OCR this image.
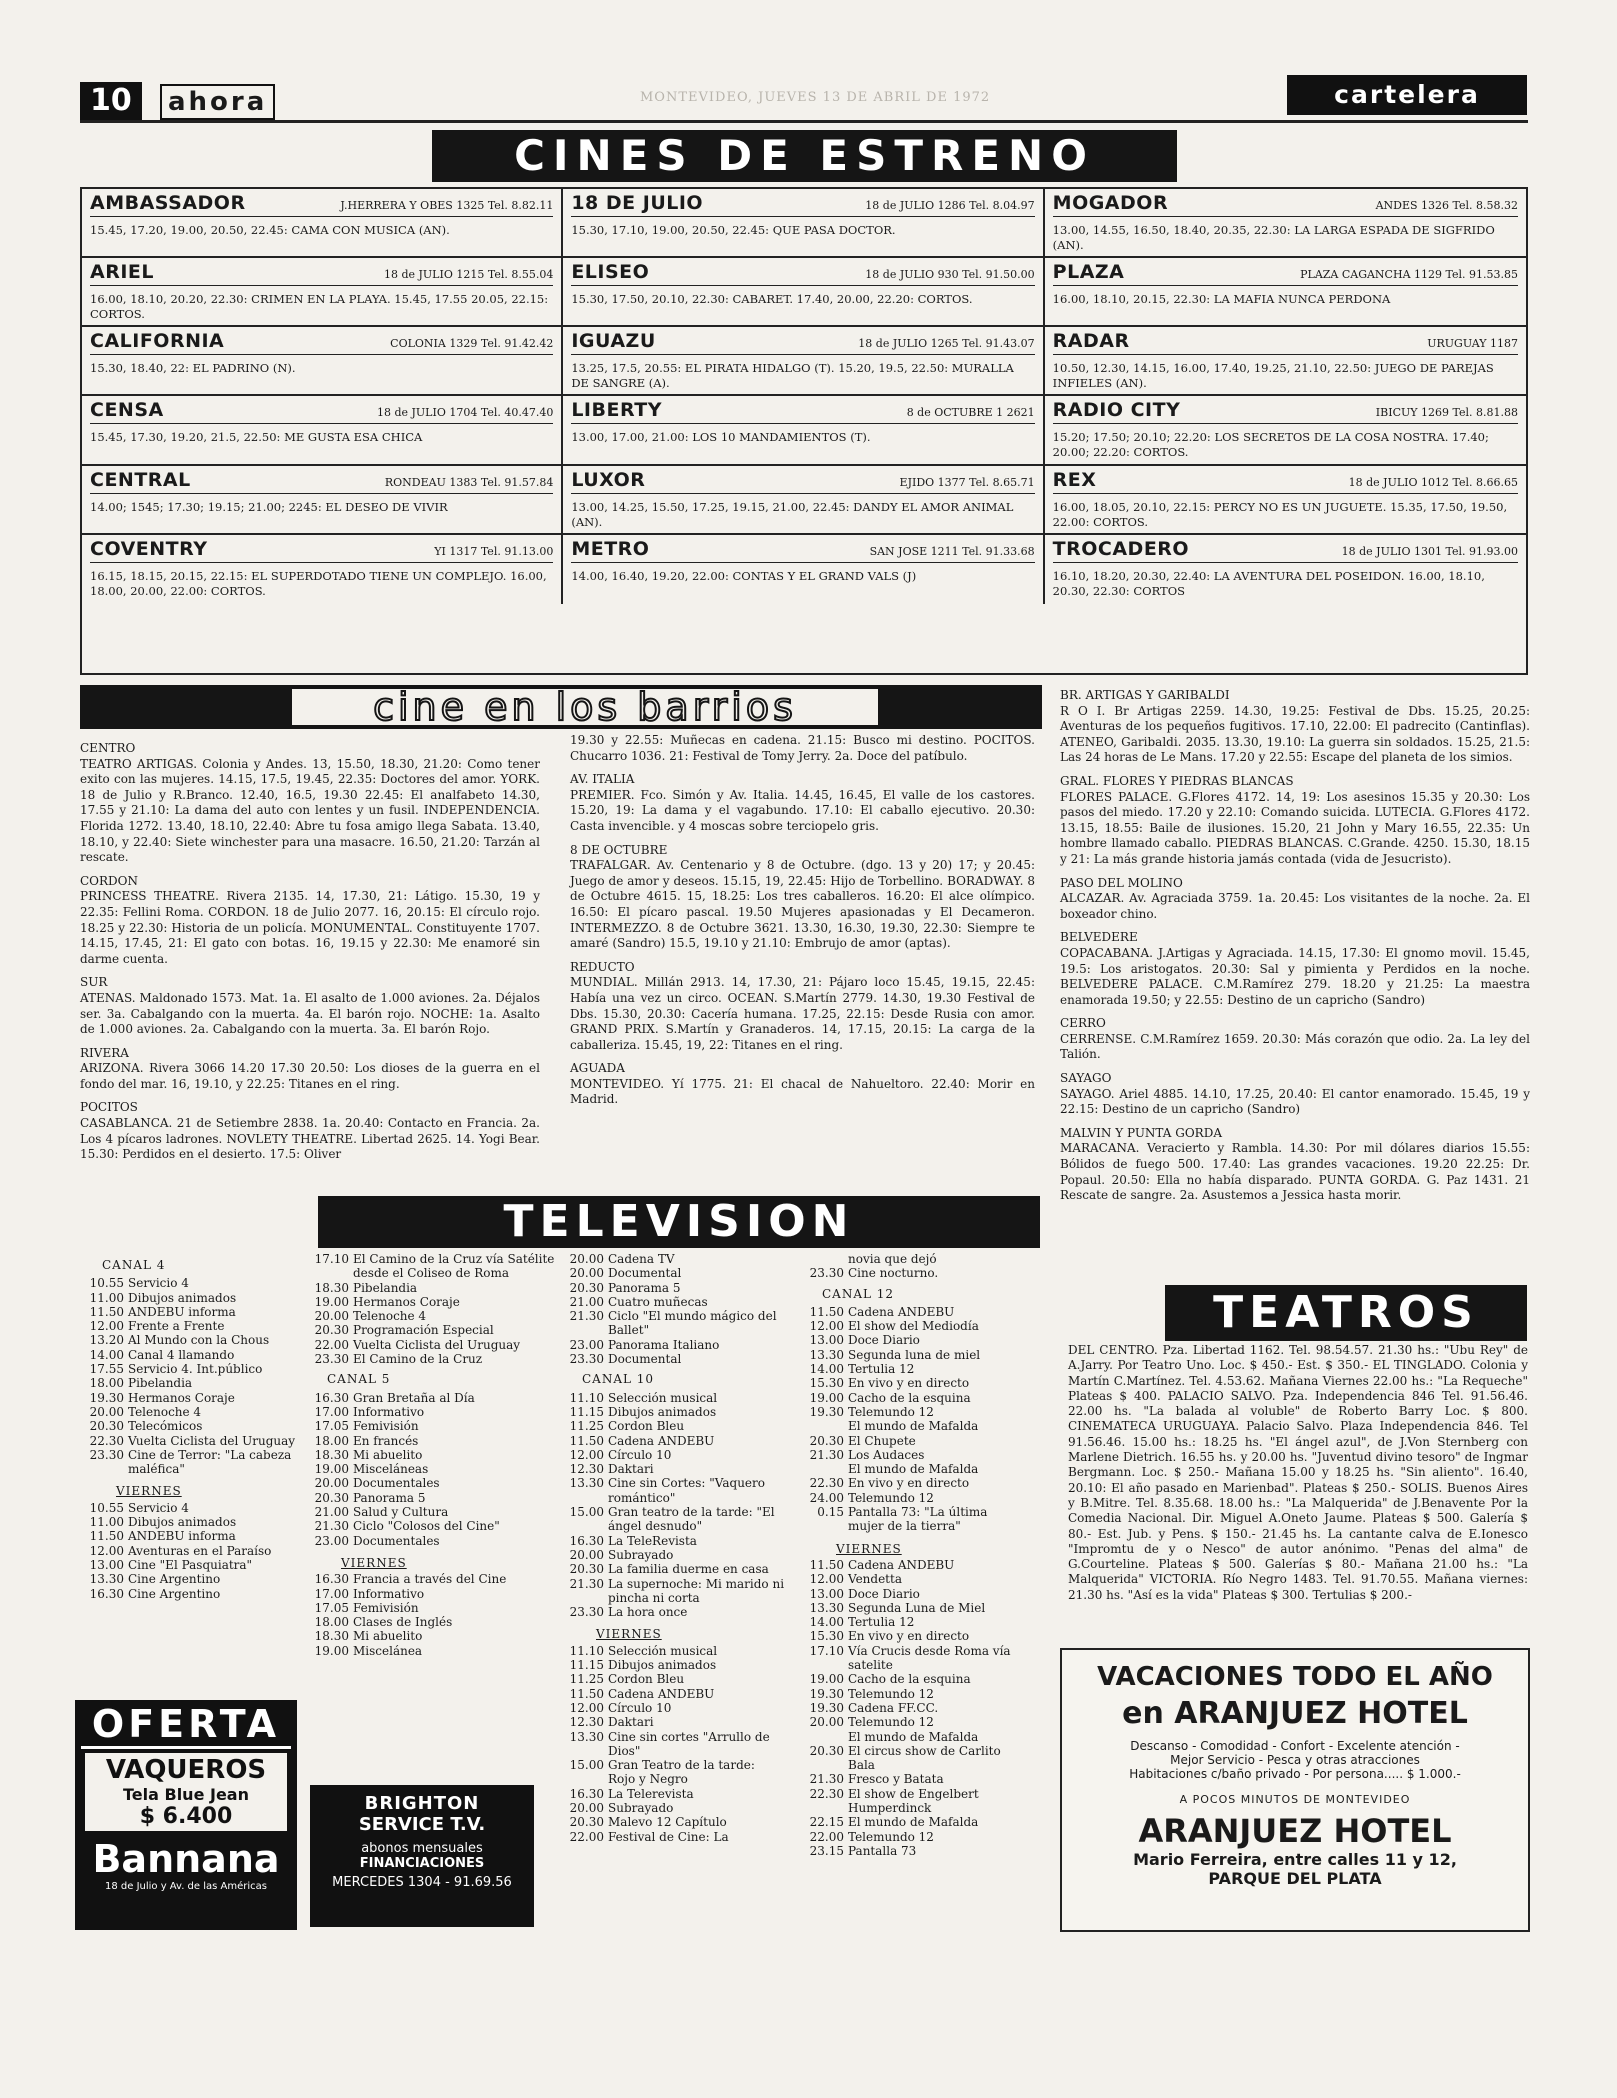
10	ahora	MONTEVIDEO, JUEVES 13 DE ABRIL DE 1972	cartelera
CINES DE ESTRENO
AMBASSADOR	J.HERRERA Y OBES 1325 Tel. 8.82.11
15.45, 17.20, 19.00, 20.50, 22.45: CAMA CON MUSICA (AN).
18 DE JULIO	18 de JULIO 1286 Tel. 8.04.97
15.30, 17.10, 19.00, 20.50, 22.45: QUE PASA DOCTOR.
MOGADOR	ANDES 1326 Tel. 8.58.32
13.00, 14.55, 16.50, 18.40, 20.35, 22.30: LA LARGA ESPADA DE SIGFRIDO (AN).
ARIEL	18 de JULIO 1215 Tel. 8.55.04
16.00, 18.10, 20.20, 22.30: CRIMEN EN LA PLAYA. 15.45, 17.55 20.05, 22.15: CORTOS.
ELISEO	18 de JULIO 930 Tel. 91.50.00
15.30, 17.50, 20.10, 22.30: CABARET. 17.40, 20.00, 22.20: CORTOS.
PLAZA	PLAZA CAGANCHA 1129 Tel. 91.53.85
16.00, 18.10, 20.15, 22.30: LA MAFIA NUNCA PERDONA
CALIFORNIA	COLONIA 1329 Tel. 91.42.42
15.30, 18.40, 22: EL PADRINO (N).
IGUAZU	18 de JULIO 1265 Tel. 91.43.07
13.25, 17.5, 20.55: EL PIRATA HIDALGO (T). 15.20, 19.5, 22.50: MURALLA DE SANGRE (A).
RADAR	URUGUAY 1187
10.50, 12.30, 14.15, 16.00, 17.40, 19.25, 21.10, 22.50: JUEGO DE PAREJAS INFIELES (AN).
CENSA	18 de JULIO 1704 Tel. 40.47.40
15.45, 17.30, 19.20, 21.5, 22.50: ME GUSTA ESA CHICA
LIBERTY	8 de OCTUBRE 1 2621
13.00, 17.00, 21.00: LOS 10 MANDAMIENTOS (T).
RADIO CITY	IBICUY 1269 Tel. 8.81.88
15.20; 17.50; 20.10; 22.20: LOS SECRETOS DE LA COSA NOSTRA. 17.40; 20.00; 22.20: CORTOS.
CENTRAL	RONDEAU 1383 Tel. 91.57.84
14.00; 1545; 17.30; 19.15; 21.00; 2245: EL DESEO DE VIVIR
LUXOR	EJIDO 1377 Tel. 8.65.71
13.00, 14.25, 15.50, 17.25, 19.15, 21.00, 22.45: DANDY EL AMOR ANIMAL (AN).
REX	18 de JULIO 1012 Tel. 8.66.65
16.00, 18.05, 20.10, 22.15: PERCY NO ES UN JUGUETE. 15.35, 17.50, 19.50, 22.00: CORTOS.
COVENTRY	YI 1317 Tel. 91.13.00
16.15, 18.15, 20.15, 22.15: EL SUPERDOTADO TIENE UN COMPLEJO. 16.00, 18.00, 20.00, 22.00: CORTOS.
METRO	SAN JOSE 1211 Tel. 91.33.68
14.00, 16.40, 19.20, 22.00: CONTAS Y EL GRAND VALS (J)
TROCADERO	18 de JULIO 1301 Tel. 91.93.00
16.10, 18.20, 20.30, 22.40: LA AVENTURA DEL POSEIDON. 16.00, 18.10, 20.30, 22.30: CORTOS
cine en los barrios
CENTRO

TEATRO ARTIGAS. Colonia y Andes. 13, 15.50, 18.30, 21.20: Como tener exito con las mujeres. 14.15, 17.5, 19.45, 22.35: Doctores del amor. YORK. 18 de Julio y R.Branco. 12.40, 16.5, 19.30 22.45: El analfabeto 14.30, 17.55 y 21.10: La dama del auto con lentes y un fusil. INDEPENDENCIA. Florida 1272. 13.40, 18.10, 22.40: Abre tu fosa amigo llega Sabata. 13.40, 18.10, y 22.40: Siete winchester para una masacre. 16.50, 21.20: Tarzán al rescate.

CORDON

PRINCESS THEATRE. Rivera 2135. 14, 17.30, 21: Látigo. 15.30, 19 y 22.35: Fellini Roma. CORDON. 18 de Julio 2077. 16, 20.15: El círculo rojo. 18.25 y 22.30: Historia de un policía. MONUMENTAL. Constituyente 1707. 14.15, 17.45, 21: El gato con botas. 16, 19.15 y 22.30: Me enamoré sin darme cuenta.

SUR

ATENAS. Maldonado 1573. Mat. 1a. El asalto de 1.000 aviones. 2a. Déjalos ser. 3a. Cabalgando con la muerta. 4a. El barón rojo. NOCHE: 1a. Asalto de 1.000 aviones. 2a. Cabalgando con la muerta. 3a. El barón Rojo.

RIVERA

ARIZONA. Rivera 3066 14.20 17.30 20.50: Los dioses de la guerra en el fondo del mar. 16, 19.10, y 22.25: Titanes en el ring.

POCITOS

CASABLANCA. 21 de Setiembre 2838. 1a. 20.40: Contacto en Francia. 2a. Los 4 pícaros ladrones. NOVLETY THEATRE. Libertad 2625. 14. Yogi Bear. 15.30: Perdidos en el desierto. 17.5: Oliver

19.30 y 22.55: Muñecas en cadena. 21.15: Busco mi destino. POCITOS. Chucarro 1036. 21: Festival de Tomy Jerry. 2a. Doce del patíbulo.

AV. ITALIA

PREMIER. Fco. Simón y Av. Italia. 14.45, 16.45, El valle de los castores. 15.20, 19: La dama y el vagabundo. 17.10: El caballo ejecutivo. 20.30: Casta invencible. y 4 moscas sobre terciopelo gris.

8 DE OCTUBRE

TRAFALGAR. Av. Centenario y 8 de Octubre. (dgo. 13 y 20) 17; y 20.45: Juego de amor y deseos. 15.15, 19, 22.45: Hijo de Torbellino. BORADWAY. 8 de Octubre 4615. 15, 18.25: Los tres caballeros. 16.20: El alce olímpico. 16.50: El pícaro pascal. 19.50 Mujeres apasionadas y El Decameron. INTERMEZZO. 8 de Octubre 3621. 13.30, 16.30, 19.30, 22.30: Siempre te amaré (Sandro) 15.5, 19.10 y 21.10: Embrujo de amor (aptas).

REDUCTO

MUNDIAL. Millán 2913. 14, 17.30, 21: Pájaro loco 15.45, 19.15, 22.45: Había una vez un circo. OCEAN. S.Martín 2779. 14.30, 19.30 Festival de Dbs. 15.30, 20.30: Cacería humana. 17.25, 22.15: Desde Rusia con amor. GRAND PRIX. S.Martín y Granaderos. 14, 17.15, 20.15: La carga de la caballeriza. 15.45, 19, 22: Titanes en el ring.

AGUADA

MONTEVIDEO. Yí 1775. 21: El chacal de Nahueltoro. 22.40: Morir en Madrid.

BR. ARTIGAS Y GARIBALDI

R O I. Br Artigas 2259. 14.30, 19.25: Festival de Dbs. 15.25, 20.25: Aventuras de los pequeños fugitivos. 17.10, 22.00: El padrecito (Cantinflas). ATENEO, Garibaldi. 2035. 13.30, 19.10: La guerra sin soldados. 15.25, 21.5: Las 24 horas de Le Mans. 17.20 y 22.55: Escape del planeta de los simios.

GRAL. FLORES Y PIEDRAS BLANCAS

FLORES PALACE. G.Flores 4172. 14, 19: Los asesinos 15.35 y 20.30: Los pasos del miedo. 17.20 y 22.10: Comando suicida. LUTECIA. G.Flores 4172. 13.15, 18.55: Baile de ilusiones. 15.20, 21 John y Mary 16.55, 22.35: Un hombre llamado caballo. PIEDRAS BLANCAS. C.Grande. 4250. 15.30, 18.15 y 21: La más grande historia jamás contada (vida de Jesucristo).

PASO DEL MOLINO

ALCAZAR. Av. Agraciada 3759. 1a. 20.45: Los visitantes de la noche. 2a. El boxeador chino.

BELVEDERE

COPACABANA. J.Artigas y Agraciada. 14.15, 17.30: El gnomo movil. 15.45, 19.5: Los aristogatos. 20.30: Sal y pimienta y Perdidos en la noche. BELVEDERE PALACE. C.M.Ramírez 279. 18.20 y 21.25: La maestra enamorada 19.50; y 22.55: Destino de un capricho (Sandro)

CERRO

CERRENSE. C.M.Ramírez 1659. 20.30: Más corazón que odio. 2a. La ley del Talión.

SAYAGO

SAYAGO. Ariel 4885. 14.10, 17.25, 20.40: El cantor enamorado. 15.45, 19 y 22.15: Destino de un capricho (Sandro)

MALVIN Y PUNTA GORDA

MARACANA. Veracierto y Rambla. 14.30: Por mil dólares diarios 15.55: Bólidos de fuego 500. 17.40: Las grandes vacaciones. 19.20 22.25: Dr. Popaul. 20.50: Ella no había disparado. PUNTA GORDA. G. Paz 1431. 21 Rescate de sangre. 2a. Asustemos a Jessica hasta morir.

TELEVISION
CANAL 4
10.55 Servicio 4
11.00 Dibujos animados
11.50 ANDEBU informa
12.00 Frente a Frente
13.20 Al Mundo con la Chous
14.00 Canal 4 llamando
17.55 Servicio 4. Int.público
18.00 Pibelandia
19.30 Hermanos Coraje
20.00 Telenoche 4
20.30 Telecómicos
22.30 Vuelta Ciclista del Uruguay
23.30 Cine de Terror: "La cabeza maléfica"
VIERNES
10.55 Servicio 4
11.00 Dibujos animados
11.50 ANDEBU informa
12.00 Aventuras en el Paraíso
13.00 Cine "El Pasquiatra"
13.30 Cine Argentino
16.30 Cine Argentino
17.10 El Camino de la Cruz vía Satélite desde el Coliseo de Roma
18.30 Pibelandia
19.00 Hermanos Coraje
20.00 Telenoche 4
20.30 Programación Especial
22.00 Vuelta Ciclista del Uruguay
23.30 El Camino de la Cruz
CANAL 5
16.30 Gran Bretaña al Día
17.00 Informativo
17.05 Femivisión
18.00 En francés
18.30 Mi abuelito
19.00 Misceláneas
20.00 Documentales
20.30 Panorama 5
21.00 Salud y Cultura
21.30 Ciclo "Colosos del Cine"
23.00 Documentales
VIERNES
16.30 Francia a través del Cine
17.00 Informativo
17.05 Femivisión
18.00 Clases de Inglés
18.30 Mi abuelito
19.00 Miscelánea
20.00 Cadena TV
20.00 Documental
20.30 Panorama 5
21.00 Cuatro muñecas
21.30 Ciclo "El mundo mágico del Ballet"
23.00 Panorama Italiano
23.30 Documental
CANAL 10
11.10 Selección musical
11.15 Dibujos animados
11.25 Cordon Bleu
11.50 Cadena ANDEBU
12.00 Círculo 10
12.30 Daktari
13.30 Cine sin Cortes: "Vaquero romántico"
15.00 Gran teatro de la tarde: "El ángel desnudo"
16.30 La TeleRevista
20.00 Subrayado
20.30 La familia duerme en casa
21.30 La supernoche: Mi marido ni pincha ni corta
23.30 La hora once
VIERNES
11.10 Selección musical
11.15 Dibujos animados
11.25 Cordon Bleu
11.50 Cadena ANDEBU
12.00 Círculo 10
12.30 Daktari
13.30 Cine sin cortes "Arrullo de Dios"
15.00 Gran Teatro de la tarde: Rojo y Negro
16.30 La Telerevista
20.00 Subrayado
20.30 Malevo 12 Capítulo
22.00 Festival de Cine: La
novia que dejó
23.30 Cine nocturno.
CANAL 12
11.50 Cadena ANDEBU
12.00 El show del Mediodía
13.00 Doce Diario
13.30 Segunda luna de miel
14.00 Tertulia 12
15.30 En vivo y en directo
19.00 Cacho de la esquina
19.30 Telemundo 12
El mundo de Mafalda
20.30 El Chupete
21.30 Los Audaces
El mundo de Mafalda
22.30 En vivo y en directo
24.00 Telemundo 12
0.15 Pantalla 73: "La última mujer de la tierra"
VIERNES
11.50 Cadena ANDEBU
12.00 Vendetta
13.00 Doce Diario
13.30 Segunda Luna de Miel
14.00 Tertulia 12
15.30 En vivo y en directo
17.10 Vía Crucis desde Roma vía satelite
19.00 Cacho de la esquina
19.30 Telemundo 12
19.30 Cadena FF.CC.
20.00 Telemundo 12
El mundo de Mafalda
20.30 El circus show de Carlito Bala
21.30 Fresco y Batata
22.30 El show de Engelbert Humperdinck
22.15 El mundo de Mafalda
22.00 Telemundo 12
23.15 Pantalla 73
TEATROS
DEL CENTRO. Pza. Libertad 1162. Tel. 98.54.57. 21.30 hs.: "Ubu Rey" de A.Jarry. Por Teatro Uno. Loc. $ 450.- Est. $ 350.- EL TINGLADO. Colonia y Martín C.Martínez. Tel. 4.53.62. Mañana Viernes 22.00 hs.: "La Requeche" Plateas $ 400. PALACIO SALVO. Pza. Independencia 846 Tel. 91.56.46. 22.00 hs. "La balada al voluble" de Roberto Barry Loc. $ 800. CINEMATECA URUGUAYA. Palacio Salvo. Plaza Independencia 846. Tel 91.56.46. 15.00 hs.: 18.25 hs. "El ángel azul", de J.Von Sternberg con Marlene Dietrich. 16.55 hs. y 20.00 hs. "Juventud divino tesoro" de Ingmar Bergmann. Loc. $ 250.- Mañana 15.00 y 18.25 hs. "Sin aliento". 16.40, 20.10: El año pasado en Marienbad". Plateas $ 250.- SOLIS. Buenos Aires y B.Mitre. Tel. 8.35.68. 18.00 hs.: "La Malquerida" de J.Benavente Por la Comedia Nacional. Dir. Miguel A.Oneto Jaume. Plateas $ 500. Galería $ 80.- Est. Jub. y Pens. $ 150.- 21.45 hs. La cantante calva de E.Ionesco "Impromtu de y o Nesco" de autor anónimo. "Penas del alma" de G.Courteline. Plateas $ 500. Galerías $ 80.- Mañana 21.00 hs.: "La Malquerida" VICTORIA. Río Negro 1483. Tel. 91.70.55. Mañana viernes: 21.30 hs. "Así es la vida" Plateas $ 300. Tertulias $ 200.-
OFERTA
VAQUEROS
Tela Blue Jean
$ 6.400
Bannana
18 de Julio y Av. de las Américas
BRIGHTON
SERVICE T.V.
abonos mensuales
FINANCIACIONES
MERCEDES 1304 - 91.69.56
VACACIONES TODO EL AÑO
en ARANJUEZ HOTEL
Descanso - Comodidad - Confort - Excelente atención -
Mejor Servicio - Pesca y otras atracciones
Habitaciones c/baño privado - Por persona..... $ 1.000.-
A POCOS MINUTOS DE MONTEVIDEO
ARANJUEZ HOTEL
Mario Ferreira, entre calles 11 y 12,
PARQUE DEL PLATA
